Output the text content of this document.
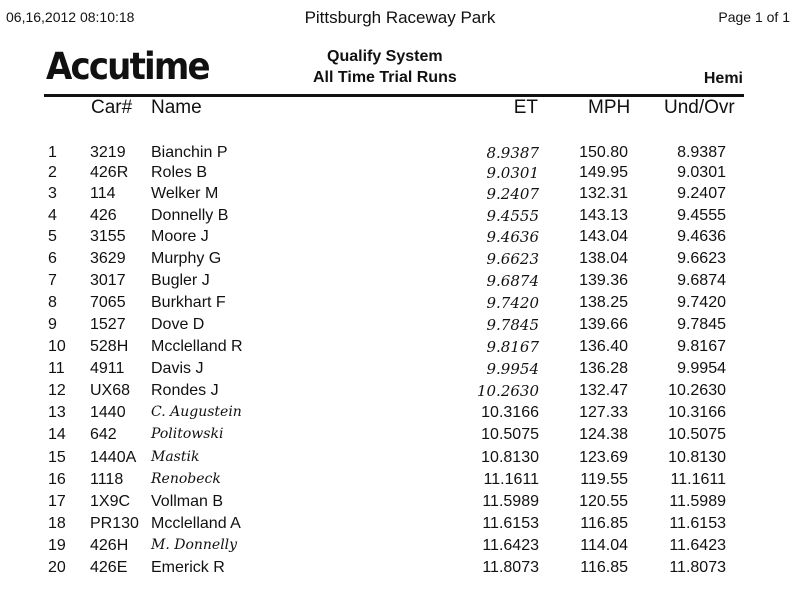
06,16,2012 08:10:18	Pittsburgh Raceway Park	Page 1 of 1
Accutime	Qualify System
All Time Trial Runs	Hemi
Car# Name	ET	MPH Und/Ovr
1 3219 Bianchin P	8.9387	150.80	8.9387
2 426R Roles B	9.0301	149.95	9.0301
3 114 Welker M	9.2407	132.31	9.2407
4 426 Donnelly B	9.4555	143.13	9.4555
5 3155 Moore J	9.4636	143.04	9.4636
6 3629 Murphy G	9.6623	138.04	9.6623
7 3017 Bugler J	9.6874	139.36	9.6874
8 7065 Burkhart F	9.7420	138.25	9.7420
9 1527 Dove D	9.7845	139.66	9.7845
10 528H Mcclelland R	9.8167	136.40	9.8167
11 4911 Davis J	9.9954	136.28	9.9954
12 UX68 Rondes J	10.2630	132.47	10.2630
13 1440 C. Augustein	10.3166	127.33	10.3166
14 642 Politowski	10.5075	124.38	10.5075
15 1440A Mastik	10.8130	123.69	10.8130
16 1118 Renobeck	11.1611	119.55	11.1611
17 1X9C Vollman B	11.5989	120.55	11.5989
18 PR130 Mcclelland A	11.6153	116.85	11.6153
19 426H M. Donnelly	11.6423	114.04	11.6423
20 426E Emerick R	11.8073	116.85	11.8073
